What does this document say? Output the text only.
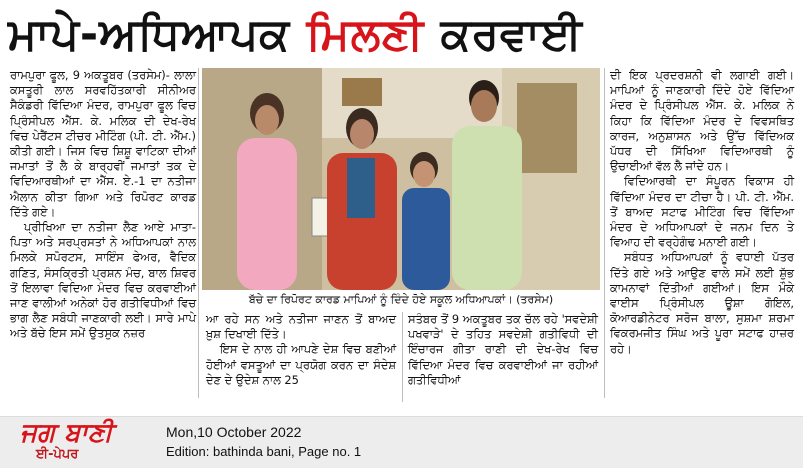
ਮਾਪੇ-ਅਧਿਆਪਕ ਮਿਲਣੀ ਕਰਵਾਈ

ਰਾਮਪੁਰਾ ਫੂਲ, 9 ਅਕਤੂਬਰ (ਤਰਸੇਮ)- ਲਾਲਾ ਕਸਤੂਰੀ ਲਾਲ ਸਰਵਹਿੱਤਕਾਰੀ ਸੀਨੀਅਰ ਸੈਕੰਡਰੀ ਵਿੱਦਿਆ ਮੰਦਰ, ਰਾਮਪੁਰਾ ਫੂਲ ਵਿਚ ਪ੍ਰਿੰਸੀਪਲ ਐੱਸ. ਕੇ. ਮਲਿਕ ਦੀ ਦੇਖ-ਰੇਖ ਵਿਚ ਪੇਰੈਂਟਸ ਟੀਚਰ ਮੀਟਿੰਗ (ਪੀ. ਟੀ. ਐੱਮ.) ਕੀਤੀ ਗਈ। ਜਿਸ ਵਿਚ ਸ਼ਿਸ਼ੂ ਵਾਟਿਕਾ ਦੀਆਂ ਜਮਾਤਾਂ ਤੋਂ ਲੈ ਕੇ ਬਾਰ੍ਹਵੀਂ ਜਮਾਤਾਂ ਤਕ ਦੇ ਵਿਦਿਆਰਥੀਆਂ ਦਾ ਐੱਸ. ਏ.-1 ਦਾ ਨਤੀਜਾ ਐਲਾਨ ਕੀਤਾ ਗਿਆ ਅਤੇ ਰਿਪੋਰਟ ਕਾਰਡ ਦਿੱਤੇ ਗਏ।

ਪ੍ਰੀਖਿਆ ਦਾ ਨਤੀਜਾ ਲੈਣ ਆਏ ਮਾਤਾ-ਪਿਤਾ ਅਤੇ ਸਰਪ੍ਰਸਤਾਂ ਨੇ ਅਧਿਆਪਕਾਂ ਨਾਲ ਮਿਲਕੇ ਸਪੋਰਟਸ, ਸਾਇੰਸ ਫੇਅਰ, ਵੈਦਿਕ ਗਣਿਤ, ਸੰਸਕ੍ਰਿਤੀ ਪ੍ਰਸ਼ਨ ਮੰਚ, ਬਾਲ ਸ਼ਿਵਰ ਤੋਂ ਇਲਾਵਾ ਵਿਦਿਆ ਮੰਦਰ ਵਿਚ ਕਰਵਾਈਆਂ ਜਾਣ ਵਾਲੀਆਂ ਅਨੇਕਾਂ ਹੋਰ ਗਤੀਵਿਧੀਆਂ ਵਿਚ ਭਾਗ ਲੈਣ ਸਬੰਧੀ ਜਾਣਕਾਰੀ ਲਈ। ਸਾਰੇ ਮਾਪੇ ਅਤੇ ਬੱਚੇ ਇਸ ਸਮੇਂ ਉਤਸੁਕ ਨਜ਼ਰ

ਬੱਚੇ ਦਾ ਰਿਪੋਰਟ ਕਾਰਡ ਮਾਪਿਆਂ ਨੂੰ ਦਿੰਦੇ ਹੋਏ ਸਕੂਲ ਅਧਿਆਪਕਾਂ। (ਤਰਸੇਮ)

ਆ ਰਹੇ ਸਨ ਅਤੇ ਨਤੀਜਾ ਜਾਣਨ ਤੋਂ ਬਾਅਦ ਖ਼ੁਸ਼ ਦਿਖਾਈ ਦਿੱਤੇ।

ਇਸ ਦੇ ਨਾਲ ਹੀ ਆਪਣੇ ਦੇਸ਼ ਵਿਚ ਬਣੀਆਂ ਹੋਈਆਂ ਵਸਤੂਆਂ ਦਾ ਪ੍ਰਯੋਗ ਕਰਨ ਦਾ ਸੰਦੇਸ਼ ਦੇਣ ਦੇ ਉਦੇਸ਼ ਨਾਲ 25

ਸਤੰਬਰ ਤੋਂ 9 ਅਕਤੂਬਰ ਤਕ ਚੱਲ ਰਹੇ 'ਸਵਦੇਸ਼ੀ ਪਖਵਾੜੇ' ਦੇ ਤਹਿਤ ਸਵਦੇਸ਼ੀ ਗਤੀਵਿਧੀ ਦੀ ਇੰਚਾਰਜ ਗੀਤਾ ਰਾਣੀ ਦੀ ਦੇਖ-ਰੇਖ ਵਿਚ ਵਿੱਦਿਆ ਮੰਦਰ ਵਿਚ ਕਰਵਾਈਆਂ ਜਾ ਰਹੀਆਂ ਗਤੀਵਿਧੀਆਂ

ਦੀ ਇਕ ਪ੍ਰਦਰਸ਼ਨੀ ਵੀ ਲਗਾਈ ਗਈ। ਮਾਪਿਆਂ ਨੂੰ ਜਾਣਕਾਰੀ ਦਿੰਦੇ ਹੋਏ ਵਿੱਦਿਆ ਮੰਦਰ ਦੇ ਪ੍ਰਿੰਸੀਪਲ ਐੱਸ. ਕੇ. ਮਲਿਕ ਨੇ ਕਿਹਾ ਕਿ ਵਿੱਦਿਆ ਮੰਦਰ ਦੇ ਵਿਵਸਥਿਤ ਕਾਰਜ, ਅਨੁਸ਼ਾਸਨ ਅਤੇ ਉੱਚ ਵਿੱਦਿਅਕ ਪੱਧਰ ਦੀ ਸਿੱਖਿਆ ਵਿਦਿਆਰਥੀ ਨੂੰ ਉਚਾਈਆਂ ਵੱਲ ਲੈ ਜਾਂਦੇ ਹਨ।

ਵਿਦਿਆਰਥੀ ਦਾ ਸੰਪੂਰਨ ਵਿਕਾਸ ਹੀ ਵਿੱਦਿਆ ਮੰਦਰ ਦਾ ਟੀਚਾ ਹੈ। ਪੀ. ਟੀ. ਐੱਮ. ਤੋਂ ਬਾਅਦ ਸਟਾਫ ਮੀਟਿੰਗ ਵਿਚ ਵਿੱਦਿਆ ਮੰਦਰ ਦੇ ਅਧਿਆਪਕਾਂ ਦੇ ਜਨਮ ਦਿਨ ਤੇ ਵਿਆਹ ਦੀ ਵਰ੍ਹੇਗੰਢ ਮਨਾਈ ਗਈ।

ਸਬੰਧਤ ਅਧਿਆਪਕਾਂ ਨੂੰ ਵਧਾਈ ਪੱਤਰ ਦਿੱਤੇ ਗਏ ਅਤੇ ਆਉਣ ਵਾਲੇ ਸਮੇਂ ਲਈ ਸ਼ੁੱਭ ਕਾਮਨਾਵਾਂ ਦਿੱਤੀਆਂ ਗਈਆਂ। ਇਸ ਮੌਕੇ ਵਾਈਸ ਪ੍ਰਿੰਸੀਪਲ ਊਸ਼ਾ ਗੋਇਲ, ਕੋਆਰਡੀਨੇਟਰ ਸਰੋਜ ਬਾਲਾ, ਸੁਸ਼ਮਾ ਸ਼ਰਮਾ ਵਿਕਰਮਜੀਤ ਸਿੰਘ ਅਤੇ ਪੂਰਾ ਸਟਾਫ ਹਾਜ਼ਰ ਰਹੇ।

ਜਗ ਬਾਣੀ
ਈ-ਪੇਪਰ
Mon,10 October 2022
Edition: bathinda bani, Page no. 1
